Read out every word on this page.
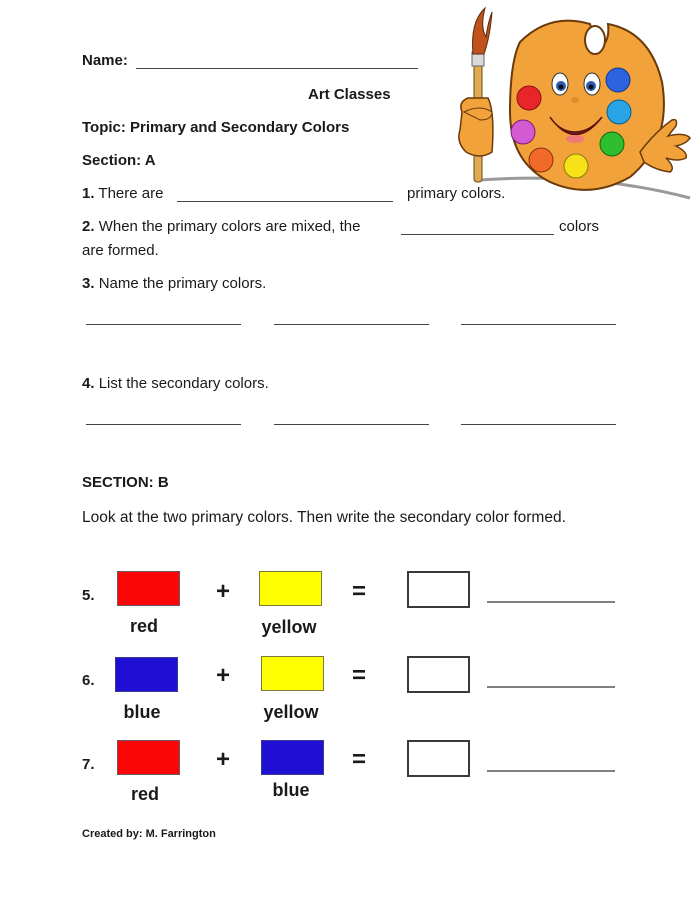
Name:
Art Classes
Topic: Primary and Secondary Colors
Section: A
1. There are	primary colors.
2. When the primary colors are mixed, the	colors
are formed.
3. Name the primary colors.
4. List the secondary colors.
SECTION: B
Look at the two primary colors. Then write the secondary color formed.
5.
red
+
yellow
=
6.
blue
+
yellow
=
7.
red
+
blue
=
Created by: M. Farrington
